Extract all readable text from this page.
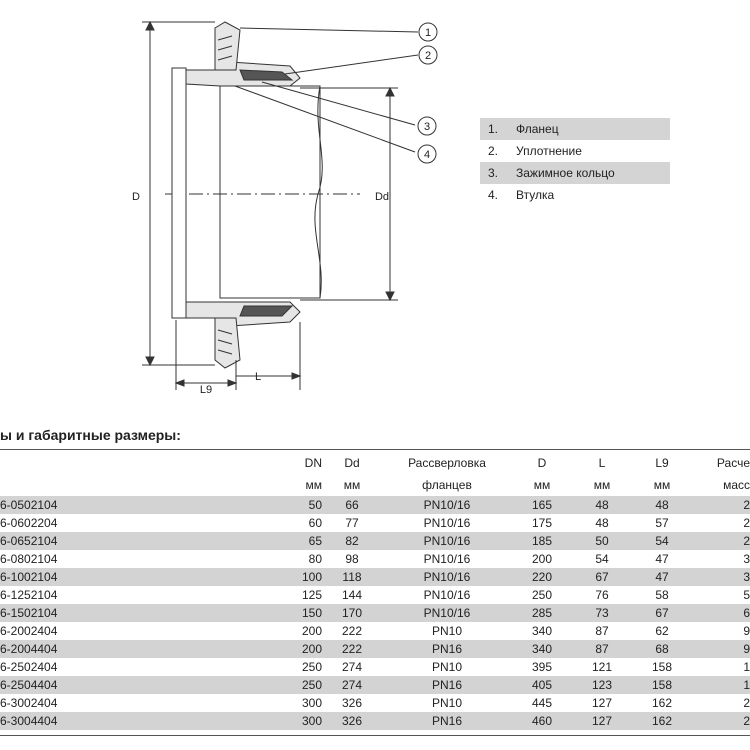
1
2
3
4
D	Dd
L9
L
1.	Фланец
2.	Уплотнение
3.	Зажимное кольцо
4.	Втулка
ы и габаритные размеры:
	DN	Dd	Рассверловка	D	L	L9	Расче
	мм	мм	фланцев	мм	мм	мм	масс
6-0502104	50	66	PN10/16	165	48	48	2
6-0602204	60	77	PN10/16	175	48	57	2
6-0652104	65	82	PN10/16	185	50	54	2
6-0802104	80	98	PN10/16	200	54	47	3
6-1002104	100	118	PN10/16	220	67	47	3
6-1252104	125	144	PN10/16	250	76	58	5
6-1502104	150	170	PN10/16	285	73	67	6
6-2002404	200	222	PN10	340	87	62	9
6-2004404	200	222	PN16	340	87	68	9
6-2502404	250	274	PN10	395	121	158	1
6-2504404	250	274	PN16	405	123	158	1
6-3002404	300	326	PN10	445	127	162	2
6-3004404	300	326	PN16	460	127	162	2
